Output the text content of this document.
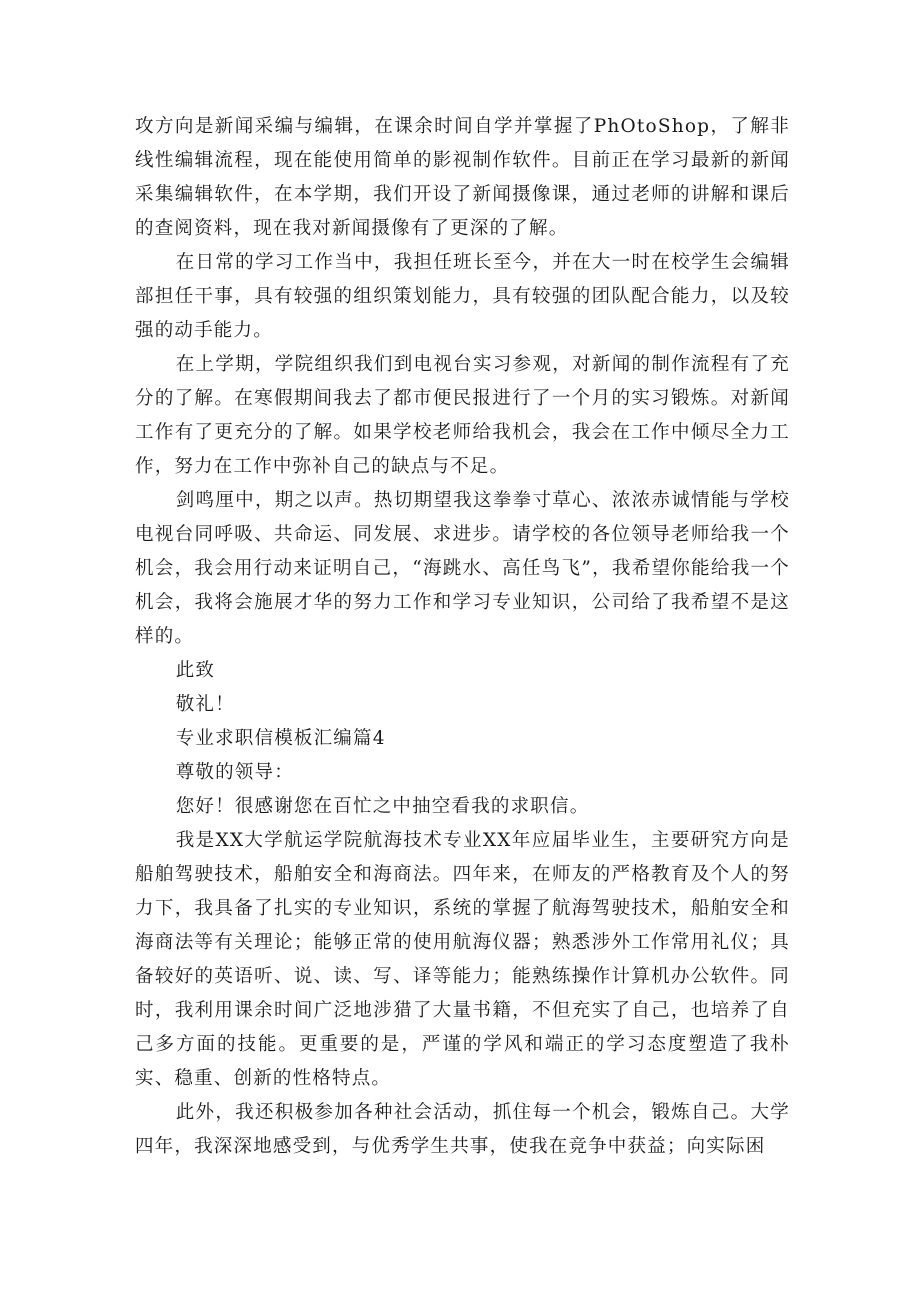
攻方向是新闻采编与编辑，在课余时间自学并掌握了PhOtoShop，了解非线性编辑流程，现在能使用简单的影视制作软件。目前正在学习最新的新闻采集编辑软件，在本学期，我们开设了新闻摄像课，通过老师的讲解和课后的查阅资料，现在我对新闻摄像有了更深的了解。

在日常的学习工作当中，我担任班长至今，并在大一时在校学生会编辑部担任干事，具有较强的组织策划能力，具有较强的团队配合能力，以及较强的动手能力。

在上学期，学院组织我们到电视台实习参观，对新闻的制作流程有了充分的了解。在寒假期间我去了都市便民报进行了一个月的实习锻炼。对新闻工作有了更充分的了解。如果学校老师给我机会，我会在工作中倾尽全力工作，努力在工作中弥补自己的缺点与不足。

剑鸣厘中，期之以声。热切期望我这拳拳寸草心、浓浓赤诚情能与学校电视台同呼吸、共命运、同发展、求进步。请学校的各位领导老师给我一个机会，我会用行动来证明自己，“海跳水、高任鸟飞”，我希望你能给我一个机会，我将会施展才华的努力工作和学习专业知识，公司给了我希望不是这样的。

此致

敬礼！

专业求职信模板汇编篇4

尊敬的领导：

您好！很感谢您在百忙之中抽空看我的求职信。

我是XX大学航运学院航海技术专业XX年应届毕业生，主要研究方向是船舶驾驶技术，船舶安全和海商法。四年来，在师友的严格教育及个人的努力下，我具备了扎实的专业知识，系统的掌握了航海驾驶技术，船舶安全和海商法等有关理论；能够正常的使用航海仪器；熟悉涉外工作常用礼仪；具备较好的英语听、说、读、写、译等能力；能熟练操作计算机办公软件。同时，我利用课余时间广泛地涉猎了大量书籍，不但充实了自己，也培养了自己多方面的技能。更重要的是，严谨的学风和端正的学习态度塑造了我朴实、稳重、创新的性格特点。

此外，我还积极参加各种社会活动，抓住每一个机会，锻炼自己。大学四年，我深深地感受到，与优秀学生共事，使我在竞争中获益；向实际困
